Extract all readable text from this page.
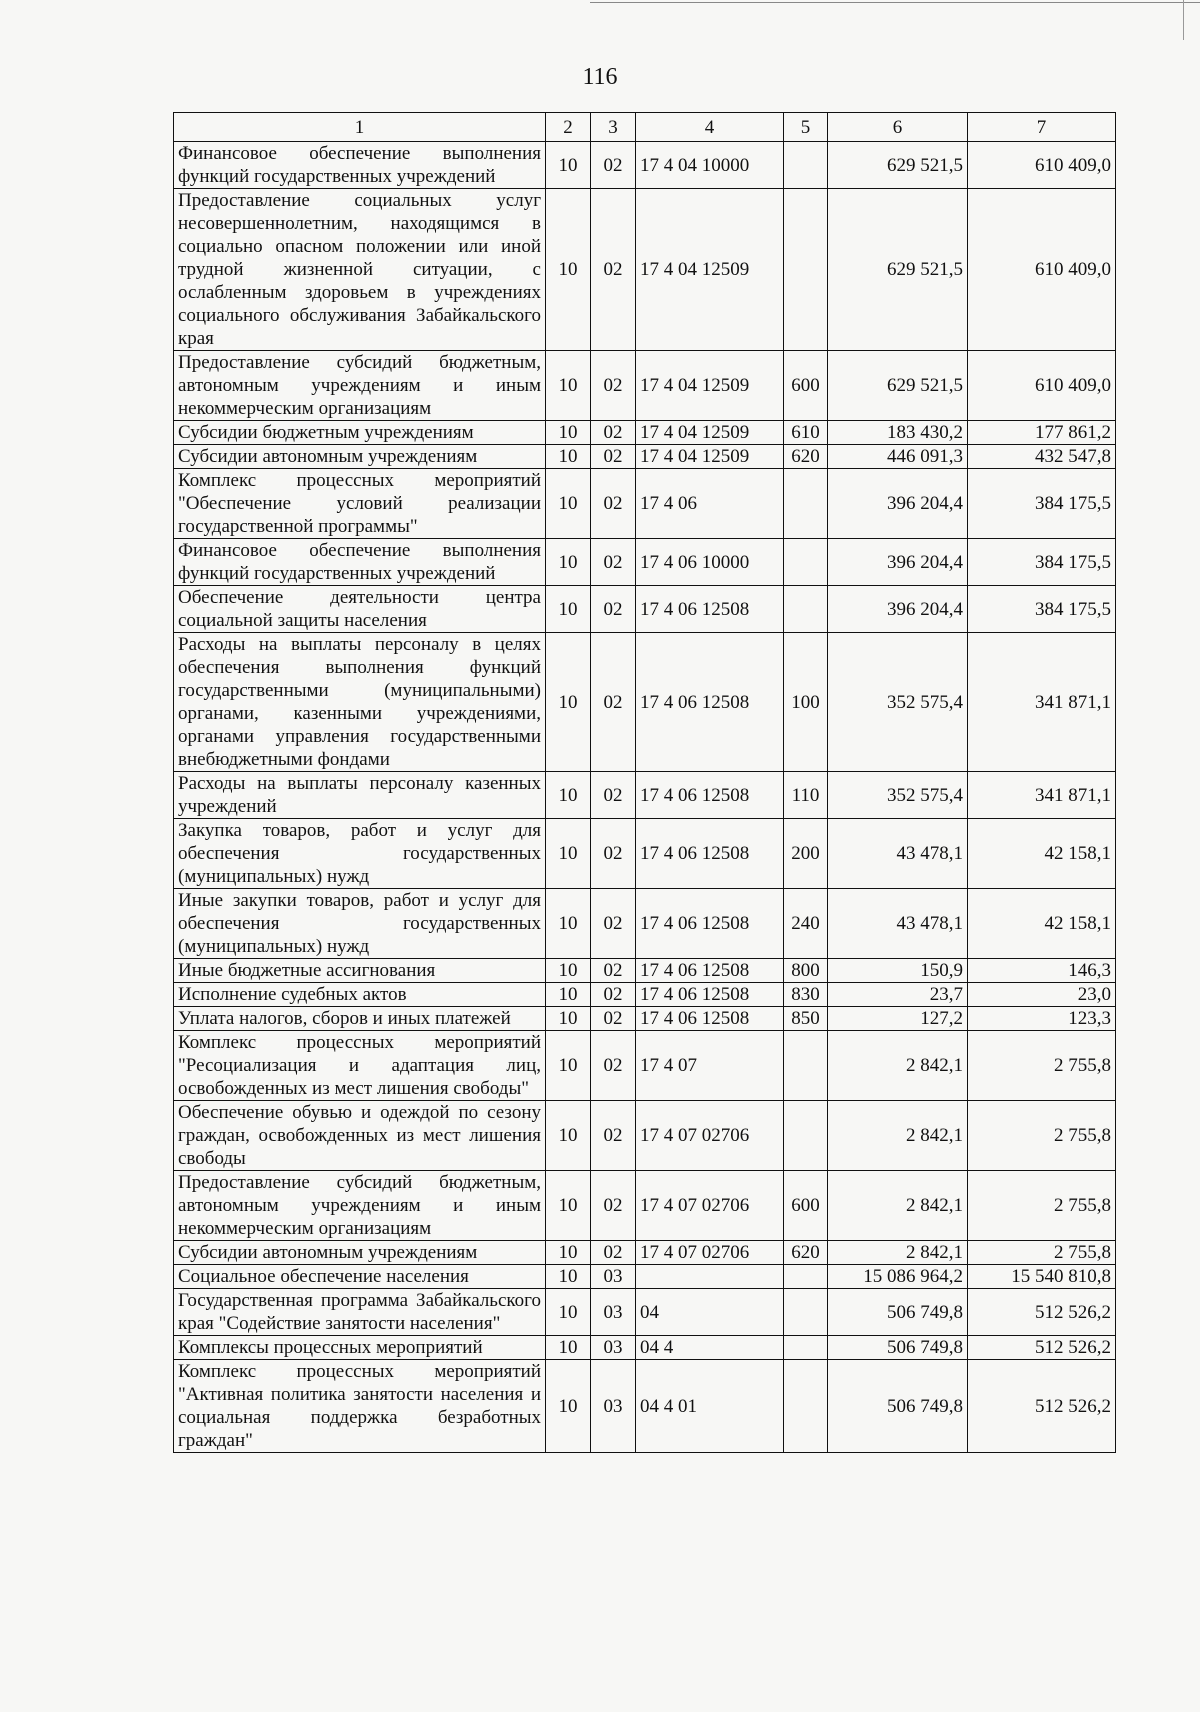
116
1	2	3	4	5	6	7
Финансовое обеспечение выполнения функций государственных учреждений	10	02	17 4 04 10000		629 521,5	610 409,0
Предоставление социальных услуг несовершеннолетним, находящимся в социально опасном положении или иной трудной жизненной ситуации, с ослабленным здоровьем в учреждениях социального обслуживания Забайкальского края	10	02	17 4 04 12509		629 521,5	610 409,0
Предоставление субсидий бюджетным, автономным учреждениям и иным некоммерческим организациям	10	02	17 4 04 12509	600	629 521,5	610 409,0
Субсидии бюджетным учреждениям	10	02	17 4 04 12509	610	183 430,2	177 861,2
Субсидии автономным учреждениям	10	02	17 4 04 12509	620	446 091,3	432 547,8
Комплекс процессных мероприятий "Обеспечение условий реализации государственной программы"	10	02	17 4 06		396 204,4	384 175,5
Финансовое обеспечение выполнения функций государственных учреждений	10	02	17 4 06 10000		396 204,4	384 175,5
Обеспечение деятельности центра социальной защиты населения	10	02	17 4 06 12508		396 204,4	384 175,5
Расходы на выплаты персоналу в целях обеспечения выполнения функций государственными (муниципальными) органами, казенными учреждениями, органами управления государственными внебюджетными фондами	10	02	17 4 06 12508	100	352 575,4	341 871,1
Расходы на выплаты персоналу казенных учреждений	10	02	17 4 06 12508	110	352 575,4	341 871,1
Закупка товаров, работ и услуг для обеспечения государственных (муниципальных) нужд	10	02	17 4 06 12508	200	43 478,1	42 158,1
Иные закупки товаров, работ и услуг для обеспечения государственных (муниципальных) нужд	10	02	17 4 06 12508	240	43 478,1	42 158,1
Иные бюджетные ассигнования	10	02	17 4 06 12508	800	150,9	146,3
Исполнение судебных актов	10	02	17 4 06 12508	830	23,7	23,0
Уплата налогов, сборов и иных платежей	10	02	17 4 06 12508	850	127,2	123,3
Комплекс процессных мероприятий "Ресоциализация и адаптация лиц, освобожденных из мест лишения свободы"	10	02	17 4 07		2 842,1	2 755,8
Обеспечение обувью и одеждой по сезону граждан, освобожденных из мест лишения свободы	10	02	17 4 07 02706		2 842,1	2 755,8
Предоставление субсидий бюджетным, автономным учреждениям и иным некоммерческим организациям	10	02	17 4 07 02706	600	2 842,1	2 755,8
Субсидии автономным учреждениям	10	02	17 4 07 02706	620	2 842,1	2 755,8
Социальное обеспечение населения	10	03			15 086 964,2	15 540 810,8
Государственная программа Забайкальского края "Содействие занятости населения"	10	03	04		506 749,8	512 526,2
Комплексы процессных мероприятий	10	03	04 4		506 749,8	512 526,2
Комплекс процессных мероприятий "Активная политика занятости населения и социальная поддержка безработных граждан"	10	03	04 4 01		506 749,8	512 526,2
